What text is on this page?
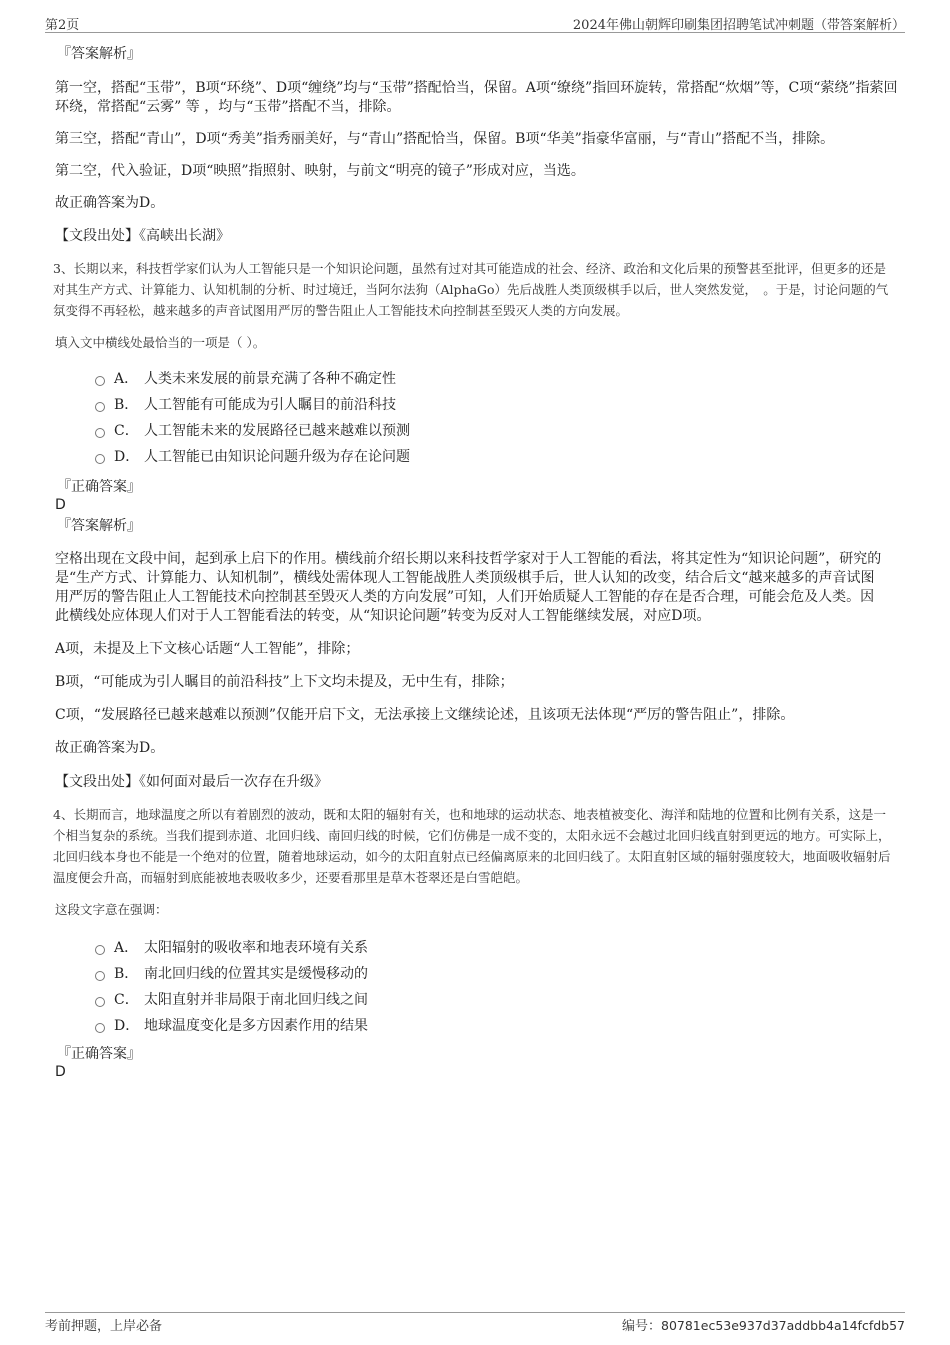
第2页	2024年佛山朝辉印刷集团招聘笔试冲刺题（带答案解析）

『答案解析』

第一空，搭配“玉带”，B项“环绕”、D项“缠绕”均与“玉带”搭配恰当，保留。A项“缭绕”指回环旋转，常搭配“炊烟”等，C项“萦绕”指萦回环绕，常搭配“云雾” 等 ，均与“玉带”搭配不当，排除。

第三空，搭配“青山”，D项“秀美”指秀丽美好，与“青山”搭配恰当，保留。B项“华美”指豪华富丽，与“青山”搭配不当，排除。

第二空，代入验证，D项“映照”指照射、映射，与前文“明亮的镜子”形成对应，当选。

故正确答案为D。

【文段出处】《高峡出长湖》

3、长期以来，科技哲学家们认为人工智能只是一个知识论问题，虽然有过对其可能造成的社会、经济、政治和文化后果的预警甚至批评，但更多的还是对其生产方式、计算能力、认知机制的分析、时过境迁，当阿尔法狗（AlphaGo）先后战胜人类顶级棋手以后，世人突然发觉，　。于是，讨论问题的气氛变得不再轻松，越来越多的声音试图用严厉的警告阻止人工智能技术向控制甚至毁灭人类的方向发展。

填入文中横线处最恰当的一项是（ ）。

A． 人类未来发展的前景充满了各种不确定性
B． 人工智能有可能成为引人瞩目的前沿科技
C． 人工智能未来的发展路径已越来越难以预测
D． 人工智能已由知识论问题升级为存在论问题

『正确答案』

D

『答案解析』

空格出现在文段中间，起到承上启下的作用。横线前介绍长期以来科技哲学家对于人工智能的看法，将其定性为“知识论问题”，研究的是“生产方式、计算能力、认知机制”，横线处需体现人工智能战胜人类顶级棋手后，世人认知的改变，结合后文“越来越多的声音试图用严厉的警告阻止人工智能技术向控制甚至毁灭人类的方向发展”可知，人们开始质疑人工智能的存在是否合理，可能会危及人类。因此横线处应体现人们对于人工智能看法的转变，从“知识论问题”转变为反对人工智能继续发展，对应D项。

A项，未提及上下文核心话题“人工智能”，排除；

B项，“可能成为引人瞩目的前沿科技”上下文均未提及，无中生有，排除；

C项，“发展路径已越来越难以预测”仅能开启下文，无法承接上文继续论述，且该项无法体现“严厉的警告阻止”，排除。

故正确答案为D。

【文段出处】《如何面对最后一次存在升级》

4、长期而言，地球温度之所以有着剧烈的波动，既和太阳的辐射有关，也和地球的运动状态、地表植被变化、海洋和陆地的位置和比例有关系，这是一个相当复杂的系统。当我们提到赤道、北回归线、南回归线的时候，它们仿佛是一成不变的，太阳永远不会越过北回归线直射到更远的地方。可实际上，北回归线本身也不能是一个绝对的位置，随着地球运动，如今的太阳直射点已经偏离原来的北回归线了。太阳直射区域的辐射强度较大，地面吸收辐射后温度便会升高，而辐射到底能被地表吸收多少，还要看那里是草木苍翠还是白雪皑皑。

这段文字意在强调：

A． 太阳辐射的吸收率和地表环境有关系
B． 南北回归线的位置其实是缓慢移动的
C． 太阳直射并非局限于南北回归线之间
D． 地球温度变化是多方因素作用的结果

『正确答案』

D

考前押题，上岸必备	编号：80781ec53e937d37addbb4a14fcfdb57
